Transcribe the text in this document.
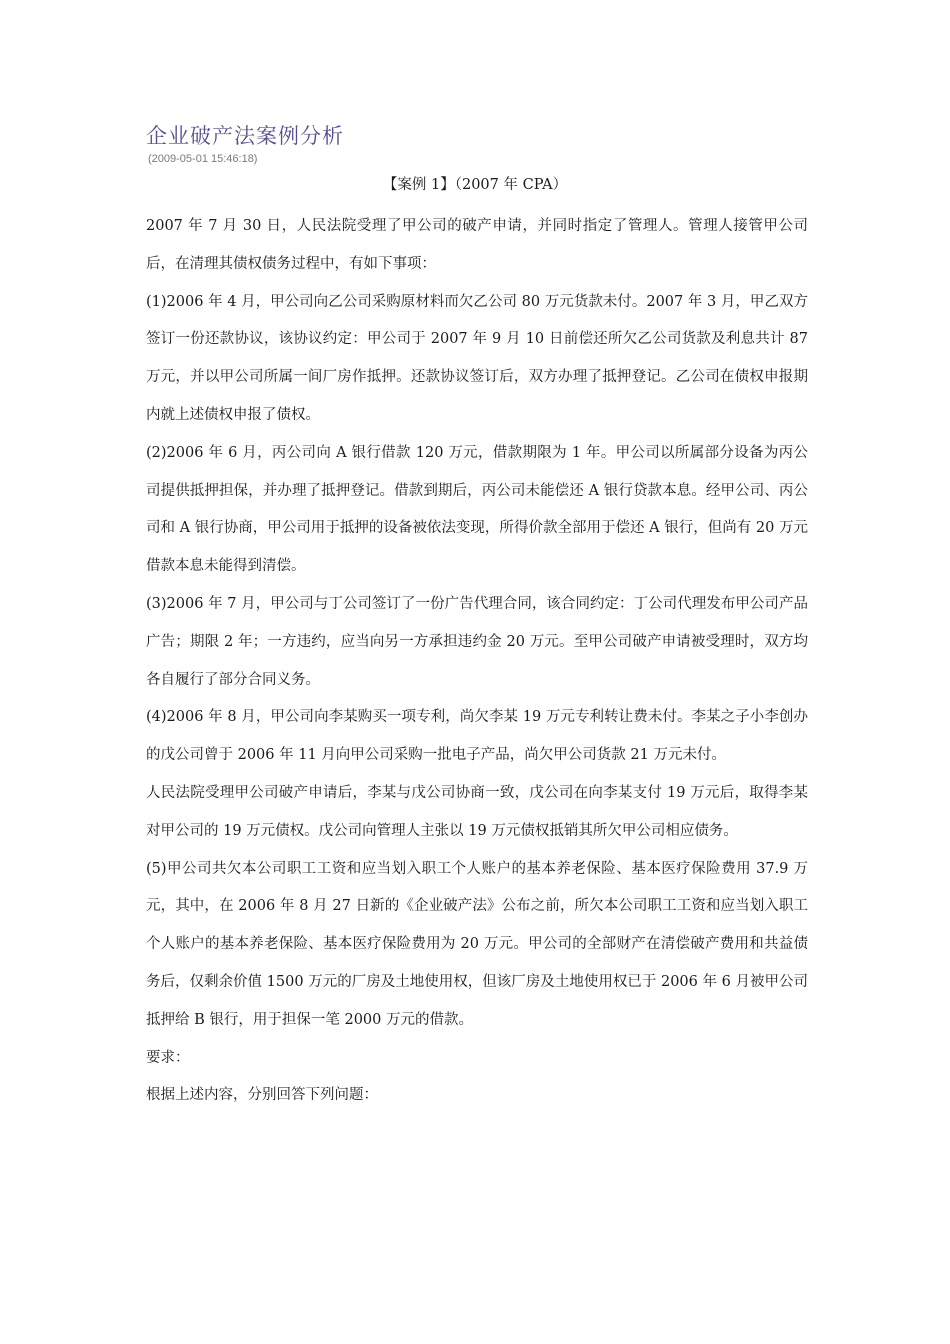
企业破产法案例分析
(2009-05-01 15:46:18)
【案例 1】（2007 年 CPA）

2007 年 7 月 30 日，人民法院受理了甲公司的破产申请，并同时指定了管理人。管理人接管甲公司后，在清理其债权债务过程中，有如下事项：

(1)2006 年 4 月，甲公司向乙公司采购原材料而欠乙公司 80 万元货款未付。2007 年 3 月，甲乙双方签订一份还款协议，该协议约定：甲公司于 2007 年 9 月 10 日前偿还所欠乙公司货款及利息共计 87 万元，并以甲公司所属一间厂房作抵押。还款协议签订后，双方办理了抵押登记。乙公司在债权申报期内就上述债权申报了债权。

(2)2006 年 6 月，丙公司向 A 银行借款 120 万元，借款期限为 1 年。甲公司以所属部分设备为丙公司提供抵押担保，并办理了抵押登记。借款到期后，丙公司未能偿还 A 银行贷款本息。经甲公司、丙公司和 A 银行协商，甲公司用于抵押的设备被依法变现，所得价款全部用于偿还 A 银行，但尚有 20 万元借款本息未能得到清偿。

(3)2006 年 7 月，甲公司与丁公司签订了一份广告代理合同，该合同约定：丁公司代理发布甲公司产品广告；期限 2 年；一方违约，应当向另一方承担违约金 20 万元。至甲公司破产申请被受理时，双方均各自履行了部分合同义务。

(4)2006 年 8 月，甲公司向李某购买一项专利，尚欠李某 19 万元专利转让费未付。李某之子小李创办的戊公司曾于 2006 年 11 月向甲公司采购一批电子产品，尚欠甲公司货款 21 万元未付。

人民法院受理甲公司破产申请后，李某与戊公司协商一致，戊公司在向李某支付 19 万元后，取得李某对甲公司的 19 万元债权。戊公司向管理人主张以 19 万元债权抵销其所欠甲公司相应债务。

(5)甲公司共欠本公司职工工资和应当划入职工个人账户的基本养老保险、基本医疗保险费用 37.9 万元，其中，在 2006 年 8 月 27 日新的《企业破产法》公布之前，所欠本公司职工工资和应当划入职工个人账户的基本养老保险、基本医疗保险费用为 20 万元。甲公司的全部财产在清偿破产费用和共益债务后，仅剩余价值 1500 万元的厂房及土地使用权，但该厂房及土地使用权已于 2006 年 6 月被甲公司抵押给 B 银行，用于担保一笔 2000 万元的借款。

要求：

根据上述内容，分别回答下列问题：
